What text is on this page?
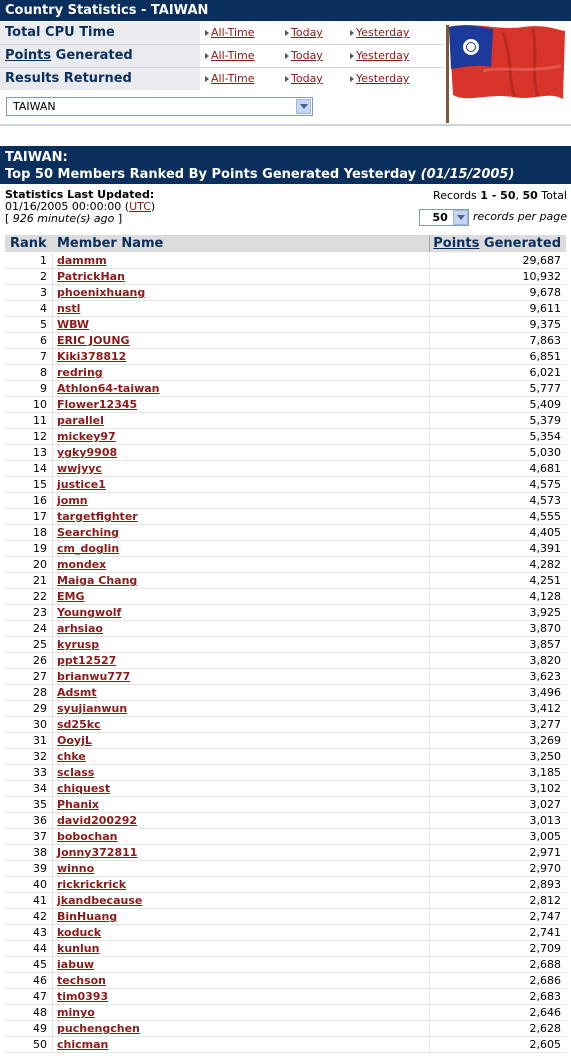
Country Statistics - TAIWAN
Total CPU Time	All-Time	Today	Yesterday
Points Generated	All-Time	Today	Yesterday
Results Returned	All-Time	Today	Yesterday
TAIWAN
TAIWAN:
Top 50 Members Ranked By Points Generated Yesterday (01/15/2005)
Statistics Last Updated:
01/16/2005 00:00:00 (UTC)
[ 926 minute(s) ago ]
Records 1 - 50, 50 Total
50 records per page
Rank Member Name	Points Generated
1 dammm	29,687
2 PatrickHan	10,932
3 phoenixhuang	9,678
4 nstl	9,611
5 WBW	9,375
6 ERIC JOUNG	7,863
7 Kiki378812	6,851
8 redring	6,021
9 Athlon64-taiwan	5,777
10 Flower12345	5,409
11 parallel	5,379
12 mickey97	5,354
13 ygky9908	5,030
14 wwjyyc	4,681
15 justice1	4,575
16 jomn	4,573
17 targetfighter	4,555
18 Searching	4,405
19 cm_doglin	4,391
20 mondex	4,282
21 Maiga Chang	4,251
22 EMG	4,128
23 Youngwolf	3,925
24 arhsiao	3,870
25 kyrusp	3,857
26 ppt12527	3,820
27 brianwu777	3,623
28 Adsmt	3,496
29 syujianwun	3,412
30 sd25kc	3,277
31 OoyjL	3,269
32 chke	3,250
33 sclass	3,185
34 chiquest	3,102
35 Phanix	3,027
36 david200292	3,013
37 bobochan	3,005
38 Jonny372811	2,971
39 winno	2,970
40 rickrickrick	2,893
41 jkandbecause	2,812
42 BinHuang	2,747
43 koduck	2,741
44 kunlun	2,709
45 iabuw	2,688
46 techson	2,686
47 tim0393	2,683
48 minyo	2,646
49 puchengchen	2,628
50 chicman	2,605
